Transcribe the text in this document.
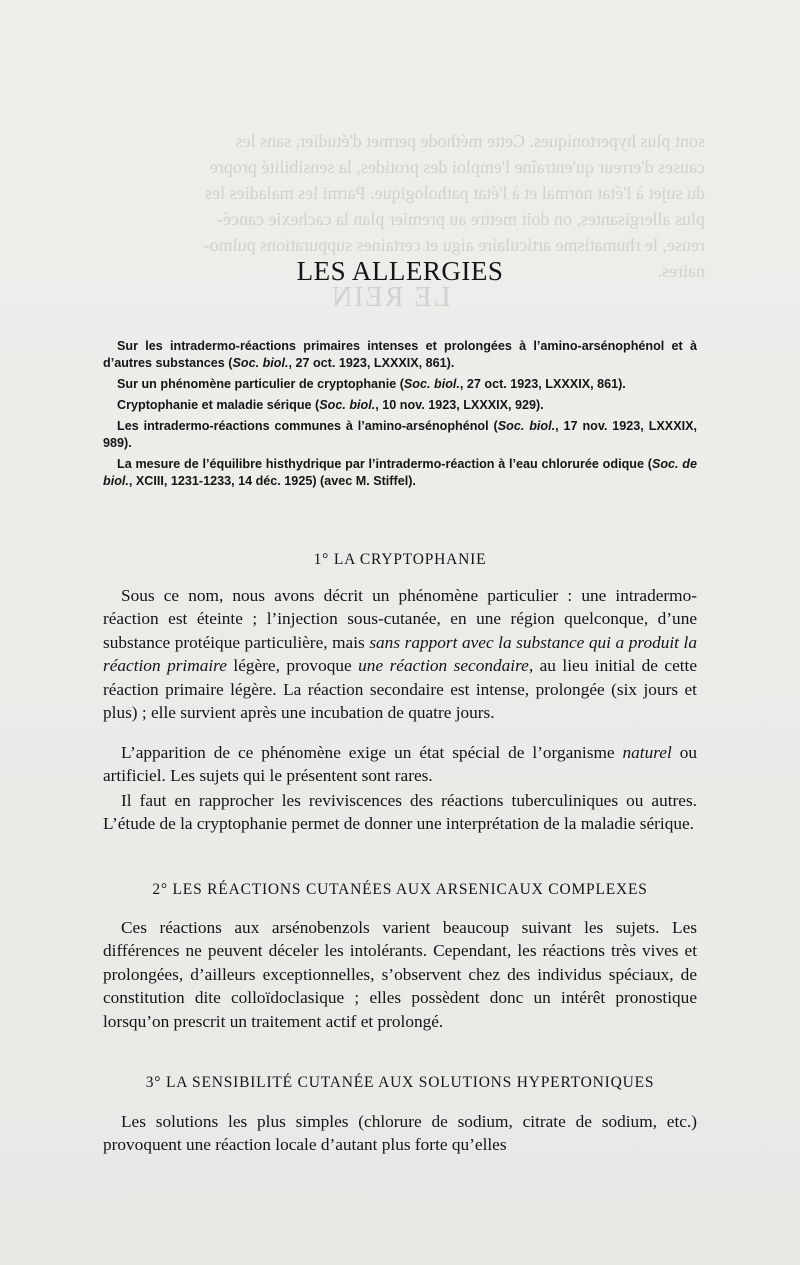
sont plus hypertoniques. Cette méthode permet d'étudier, sans les

causes d'erreur qu'entraîne l'emploi des protides, la sensibilité propre

du sujet à l'état normal et à l'état pathologique. Parmi les maladies les

plus allergisantes, on doit mettre au premier plan la cachexie cancé-

reuse, le rhumatisme articulaire aigu et certaines suppurations pulmo-

naires.

LE REIN
LES ALLERGIES
Sur les intradermo-réactions primaires intenses et prolongées à l’amino-arsénophénol et à d’autres substances (Soc. biol., 27 oct. 1923, LXXXIX, 861).
Sur un phénomène particulier de cryptophanie (Soc. biol., 27 oct. 1923, LXXXIX, 861).
Cryptophanie et maladie sérique (Soc. biol., 10 nov. 1923, LXXXIX, 929).
Les intradermo-réactions communes à l’amino-arsénophénol (Soc. biol., 17 nov. 1923, LXXXIX, 989).
La mesure de l’équilibre histhydrique par l’intradermo-réaction à l’eau chlorurée odique (Soc. de biol., XCIII, 1231-1233, 14 déc. 1925) (avec M. Stiffel).
1° LA CRYPTOPHANIE

Sous ce nom, nous avons décrit un phénomène particulier : une intradermo-réaction est éteinte ; l’injection sous-cutanée, en une région quelconque, d’une substance protéique particulière, mais sans rapport avec la substance qui a produit la réaction primaire légère, provoque une réaction secondaire, au lieu initial de cette réaction primaire légère. La réaction secondaire est intense, prolongée (six jours et plus) ; elle survient après une incubation de quatre jours.

L’apparition de ce phénomène exige un état spécial de l’organisme naturel ou artificiel. Les sujets qui le présentent sont rares.

Il faut en rapprocher les reviviscences des réactions tuberculiniques ou autres. L’étude de la cryptophanie permet de donner une interprétation de la maladie sérique.

2° LES RÉACTIONS CUTANÉES AUX ARSENICAUX COMPLEXES

Ces réactions aux arsénobenzols varient beaucoup suivant les sujets. Les différences ne peuvent déceler les intolérants. Cependant, les réactions très vives et prolongées, d’ailleurs exceptionnelles, s’observent chez des individus spéciaux, de constitution dite colloïdoclasique ; elles possèdent donc un intérêt pronostique lorsqu’on prescrit un traitement actif et prolongé.

3° LA SENSIBILITÉ CUTANÉE AUX SOLUTIONS HYPERTONIQUES

Les solutions les plus simples (chlorure de sodium, citrate de sodium, etc.) provoquent une réaction locale d’autant plus forte qu’elles
